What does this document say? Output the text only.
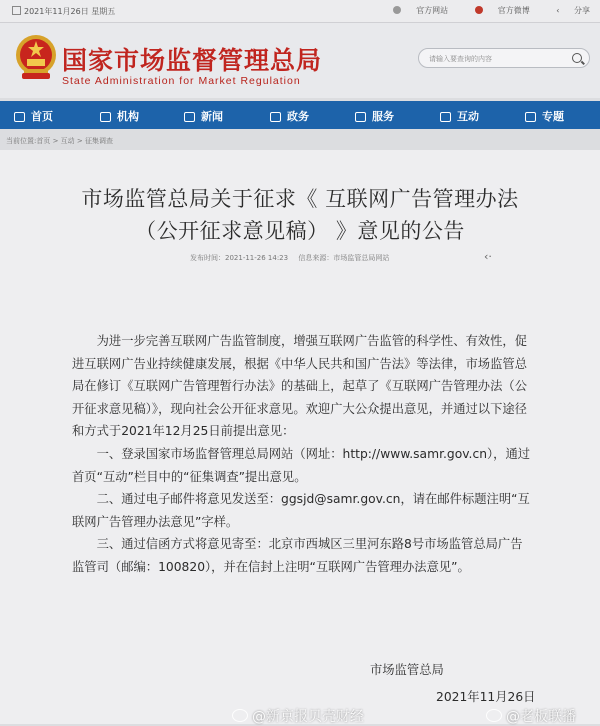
2021年11月26日 星期五	官方网站	官方微博	‹ 分享
国家市场监督管理总局
State Administration for Market Regulation
请输入要查询的内容
首页	机构	新闻	政务	服务	互动	专题
当前位置:首页 > 互动 > 征集调查
市场监管总局关于征求《 互联网广告管理办法
（公开征求意见稿） 》意见的公告
发布时间：2021-11-26 14:23 信息来源：市场监管总局网站	‹·

为进一步完善互联网广告监管制度，增强互联网广告监管的科学性、有效性，促进互联网广告业持续健康发展，根据《中华人民共和国广告法》等法律，市场监管总局在修订《互联网广告管理暂行办法》的基础上，起草了《互联网广告管理办法（公开征求意见稿）》，现向社会公开征求意见。欢迎广大公众提出意见，并通过以下途径和方式于2021年12月25日前提出意见：

一、登录国家市场监督管理总局网站（网址：http://www.samr.gov.cn），通过首页“互动”栏目中的“征集调查”提出意见。

二、通过电子邮件将意见发送至：ggsjd@samr.gov.cn，请在邮件标题注明“互联网广告管理办法意见”字样。

三、通过信函方式将意见寄至：北京市西城区三里河东路8号市场监管总局广告监管司（邮编：100820），并在信封上注明“互联网广告管理办法意见”。

市场监管总局
2021年11月26日
@新京报贝壳财经	@老板联播
